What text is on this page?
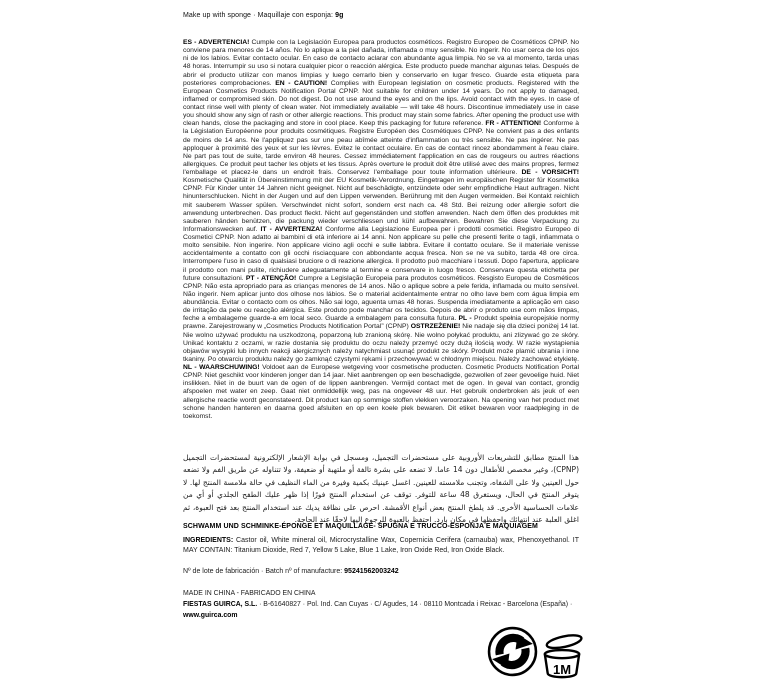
Make up with sponge · Maquillaje con esponja: 9g

ES - ADVERTENCIA! Cumple con la Legislación Europea para productos cosméticos. Registro Europeo de Cosméticos CPNP. No conviene para menores de 14 años. No lo aplique a la piel dañada, inflamada o muy sensible. No ingerir. No usar cerca de los ojos ni de los labios. Evitar contacto ocular. En caso de contacto aclarar con abundante agua limpia. No se va al momento, tarda unas 48 horas. Interrumpir su uso si notara cualquier picor o reacción alérgica. Este producto puede manchar algunas telas. Después de abrir el producto utilizar con manos limpias y luego cerrarlo bien y conservarlo en lugar fresco. Guarde esta etiqueta para posteriores comprobaciones. EN - CAUTION! Complies with European legislation on cosmetic products. Registered with the European Cosmetics Products Notification Portal CPNP. Not suitable for children under 14 years. Do not apply to damaged, inflamed or compromised skin. Do not digest. Do not use around the eyes and on the lips. Avoid contact with the eyes. In case of contact rinse well with plenty of clean water. Not immediately available — will take 48 hours. Discontinue immediately use in case you should show any sign of rash or other allergic reactions. This product may stain some fabrics. After opening the product use with clean hands, close the packaging and store in cool place. Keep this packaging for future reference. FR - ATTENTION! Conforme à la Législation Européenne pour produits cosmétiques. Registre Européen des Cosmétiques CPNP. Ne convient pas a des enfants de moins de 14 ans. Ne l'appliquez pas sur une peau abîmée atteinte d'inflammation ou très sensible. Ne pas ingérer. Ne pas apploquer à proximité des yeux et sur les lèvres. Evitez le contact oculaire. En cas de contact rincez abondamment à l'eau claire. Ne part pas tout de suite, tarde environ 48 heures. Cessez immédiatement l'application en cas de rougeurs ou autres réactions allergiques. Ce produit peut tacher les objets et les tissus. Après overture le produit doit être utilisé avec des mains propres, fermez l'emballage et placez-le dans un endroit frais. Conservez l'emballage pour toute information ultérieure. DE - VORSICHT! Kosmetische Qualität in Übereinstimmung mit der EU Kosmetik-Verordnung. Eingetragen im europäischen Register für Kosmetika CPNP. Für Kinder unter 14 Jahren nicht geeignet. Nicht auf beschädigte, entzündete oder sehr empfindliche Haut auftragen. Nicht hinunterschlucken. Nicht in der Augen und auf den Lippen verwenden. Berührung mit den Augen vermeiden. Bei Kontakt reichlich mit sauberem Wasser spülen. Verschwindet nicht sofort, sondern erst nach ca. 48 Std. Bei reizung oder allergie sofort die anwendung unterbrechen. Das product fleckt. Nicht auf gegenständen und stoffen anwenden. Nach dem öffen des produktes mit sauberen händen benützen, die packung wieder verschliessen und kühl aufbewahren. Bewahren Sie diese Verpackung zu Informationswecken auf. IT - AVVERTENZA! Conforme alla Legislazione Europea per i prodotti cosmetici. Registro Europeo di Cosmetici CPNP. Non adatto ai bambini di età inferiore ai 14 anni. Non applicare su pelle che presenti ferite o tagli, infiammata o molto sensibile. Non ingerire. Non applicare vicino agli occhi e sulle labbra. Evitare il contatto oculare. Se il materiale venisse accidentalmente a contatto con gli occhi risciacquare con abbondante acqua fresca. Non se ne va subito, tarda 48 ore circa. Interrompere l'uso in caso di qualsiasi bruciore o di reazione allergica. Il prodotto può macchiare i tessuti. Dopo l'apertura, applicare il prodotto con mani pulite, richiudere adeguatamente al termine e conservare in luogo fresco. Conservare questa etichetta per future consultazioni. PT - ATENÇÃO! Cumpre a Legislação Europeia para produtos cosméticos. Resgisto Europeu de Cosméticos CPNP. Não esta apropriado para as crianças menores de 14 anos. Não o aplique sobre a pele ferida, inflamada ou muito sensível. Não ingerir. Nem aplicar junto dos olhose nos lábios. Se o material acidentalmente entrar no olho lave bem com água limpia em abundância. Evitar o contacto com os olhos. Não sai logo, aguenta umas 48 horas. Suspenda imediatamente a aplicação em caso de irritação da pele ou reacção alérgica. Este produto pode manchar os tecidos. Depois de abrir o produto use com mãos limpas, feche a embalageme guarde-a em local seco. Guarde a embalagem para consulta futura. PL - Produkt spełnia europejskie normy prawne. Zarejestrowany w „Cosmetics Products Notification Portal” (CPNP) OSTRZEŻENIE! Nie nadaje się dla dzieci poniżej 14 lat. Nie wolno używać produktu na uszkodzoną, poparzoną lub zranioną skórę. Nie wolno połykać produktu, ani zlizywać go ze skóry. Unikać kontaktu z oczami, w razie dostania się produktu do oczu należy przemyć oczy dużą ilością wody. W razie wystąpienia objawów wysypki lub innych reakcji alergicznych należy natychmiast usunąć produkt ze skóry. Produkt może plamić ubrania i inne tkaniny. Po otwarciu produktu należy go zamknąć czystymi rękami i przechowywać w chłodnym miejscu. Należy zachować etykietę. NL - WAARSCHUWING! Voldoet aan de Europese wetgeving voor cosmetische producten. Cosmetic Products Notification Portal CPNP. Niet geschikt voor kinderen jonger dan 14 jaar. Niet aanbrengen op een beschadigde, gezwollen of zeer gevoelige huid. Niet inslikken. Niet in de buurt van de ogen of de lippen aanbrengen. Vermijd contact met de ogen. In geval van contact, grondig afspoelen met water en zeep. Gaat niet onmiddellijk weg, pas na ongeveer 48 uur. Het gebruik onderbroken als jeuk of een allergische reactie wordt geconstateerd. Dit product kan op sommige stoffen vlekken veroorzaken. Na opening van het product met schone handen hanteren en daarna goed afsluiten en op een koele plek bewaren. Dit etiket bewaren voor raadpleging in de toekomst.

هذا المنتج مطابق للتشريعات الأوروبية على مستحضرات التجميل، ومسجل في بوابة الإشعار الإلكترونية لمستحضرات التجميل (CPNP)، وغير مخصص للأطفال دون 14 عاما. لا تضعه على بشرة تالفة أو ملتهبة أو ضعيفة، ولا تتناوله عن طريق الفم ولا تضعه حول العينين ولا على الشفاه، وتجنب ملامسته للعينين. اغسل عينيك بكمية وفيرة من الماء النظيف في حالة ملامسة المنتج لها. لا يتوفر المنتج في الحال، ويستغرق 48 ساعة للتوفر. توقف عن استخدام المنتج فورًا إذا ظهر عليك الطفح الجلدي أو أي من علامات الحساسية الأخرى. قد يلطخ المنتج بعض أنواع الأقمشة. احرص على نظافة يديك عند استخدام المنتج بعد فتح العبوة، ثم اغلق العلبة عند انتهائك واحفظها في مكان بارد. احتفظ بالعبوة للرجوع إليها لاحقًا عند الحاجة.

SCHWAMM UND SCHMINKE-ÉPONGE ET MAQUILLAGE- SPUGNA E TRUCCO-ESPONJA E MAQUIAGEM

INGREDIENTS: Castor oil, White mineral oil, Microcrystalline Wax, Copernicia Cerifera (carnauba) wax, Phenoxyethanol. IT MAY CONTAIN: Titanium Dioxide, Red 7, Yellow 5 Lake, Blue 1 Lake, Iron Oxide Red, Iron Oxide Black.

Nº de lote de fabricación · Batch nº of manufacture: 95241562003242
MADE IN CHINA - FABRICADO EN CHINA
FIESTAS GUIRCA, S.L. · B-61640827 · Pol. Ind. Can Cuyas · C/ Agudes, 14 · 08110 Montcada i Reixac - Barcelona (España) ·
www.guirca.com
1M
